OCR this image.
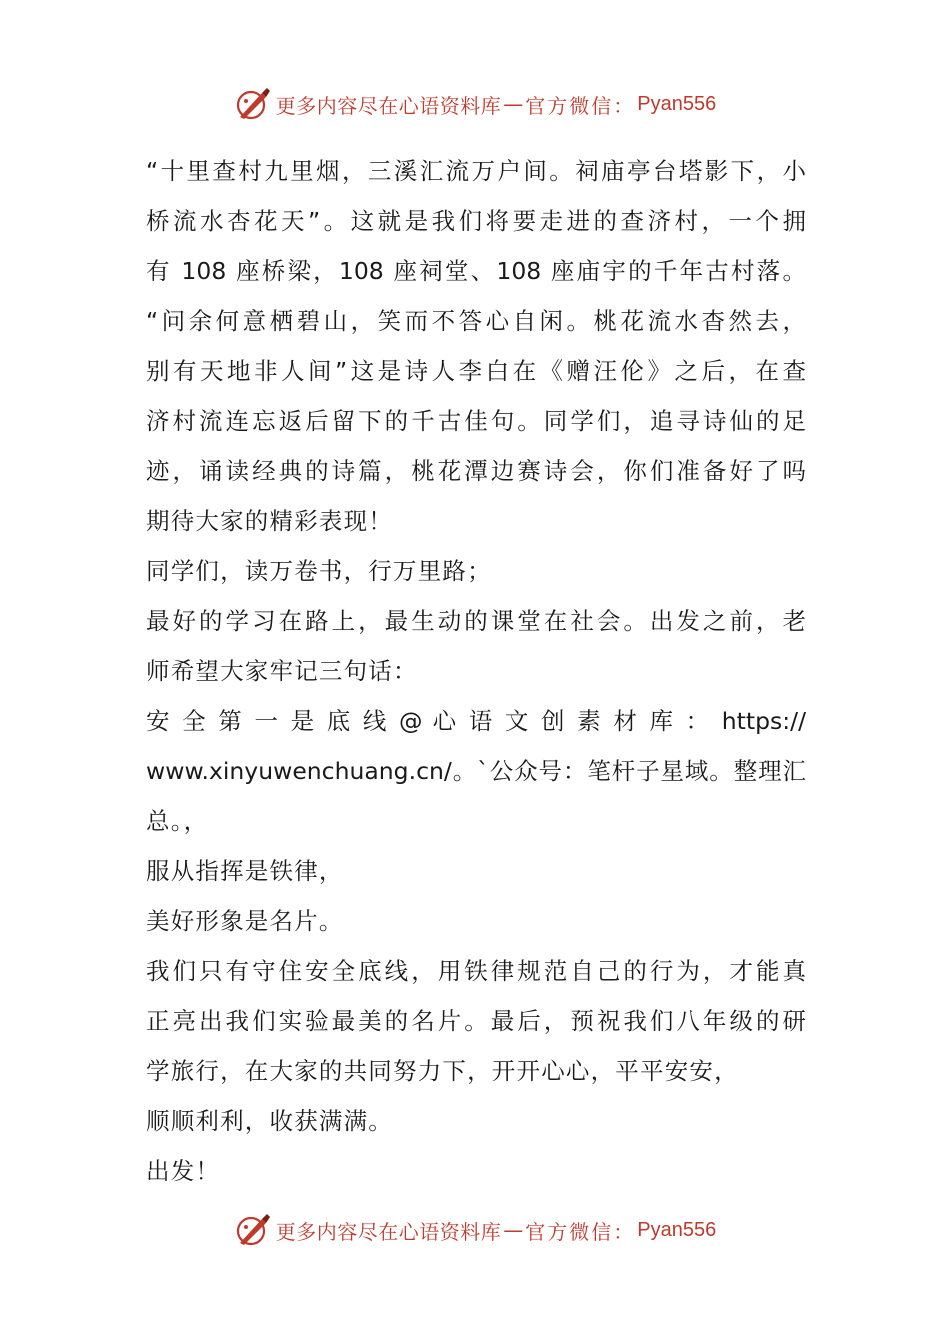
更多内容尽在心语资料库 — 官方微信： Pyan556
“十里查村九里烟，三溪汇流万户间。祠庙亭台塔影下，小
桥流水杏花天”。这就是我们将要走进的查济村，一个拥
有 108 座桥梁，108 座祠堂、108 座庙宇的千年古村落。
“问余何意栖碧山，笑而不答心自闲。桃花流水杳然去，
别有天地非人间”这是诗人李白在《赠汪伦》之后，在查
济村流连忘返后留下的千古佳句。同学们，追寻诗仙的足
迹，诵读经典的诗篇，桃花潭边赛诗会，你们准备好了吗
期待大家的精彩表现！
同学们，读万卷书，行万里路；
最好的学习在路上，最生动的课堂在社会。出发之前，老
师希望大家牢记三句话：
安 全 第 一 是 底 线 @ 心 语 文 创 素 材 库 ： https://
www.xinyuwenchuang.cn/。`公众号：笔杆子星域。整理汇
总。，
服从指挥是铁律，
美好形象是名片。
我们只有守住安全底线，用铁律规范自己的行为，才能真
正亮出我们实验最美的名片。最后，预祝我们八年级的研
学旅行，在大家的共同努力下，开开心心，平平安安，
顺顺利利，收获满满。
出发！
更多内容尽在心语资料库 — 官方微信： Pyan556
